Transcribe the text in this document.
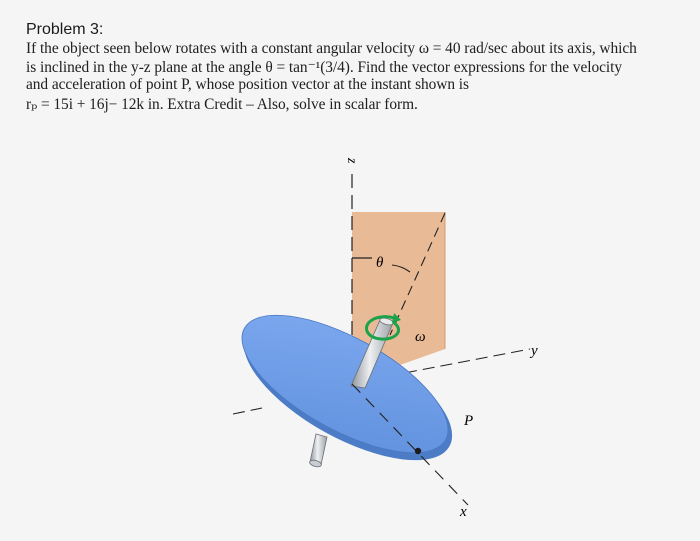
Problem 3:
If the object seen below rotates with a constant angular velocity ω = 40 rad/sec about its axis, which
is inclined in the y-z plane at the angle θ = tan⁻¹(3/4). Find the vector expressions for the velocity
and acceleration of point P, whose position vector at the instant shown is
rₚ = 15i + 16j− 12k in. Extra Credit – Also, solve in scalar form.
z
θ
y
ω
x
P
